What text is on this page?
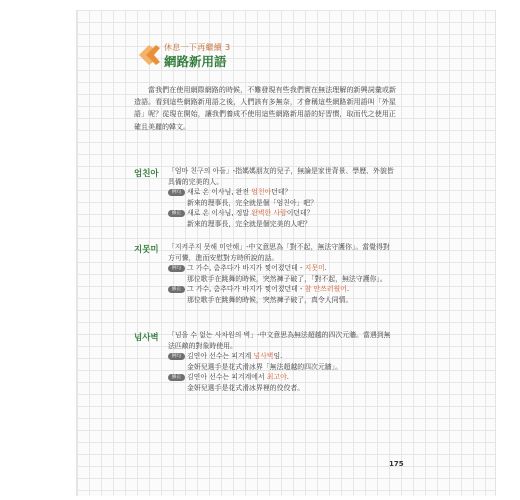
休息一下再繼續 3
網路新用語
當我們在使用網際網路的時候，不難發現有些我們實在無法理解的新興詞彙或新造語。看到這些網路新用語之後，人們該有多無奈，才會稱這些網路新用語叫「外星語」呢？從現在開始，讓我們養成不使用這些網路新用語的好習慣，取而代之使用正確且美麗的韓文。
엄친아	「엄마 친구의 아들」-指媽媽朋友的兒子，無論是家世背景、學歷、外貌皆具備的完美的人。

例句 새로 온 이사님, 완전 엄친아던데？
新來的理事長，完全就是個「엄친아」吧？
修正 새로 온 이사님, 정말 완벽한 사람이던데？
新來的理事長，完全就是個完美的人吧？
지못미	「지켜주지 못해 미안해」-中文意思為「對不起，無法守護你」。當覺得對方可憐，進而安慰對方時所說的話。

例句 그 가수, 춤추다가 바지가 찢어졌던데 - 지못미.
那位歌手在跳舞的時候，突然褲子破了，「對不起，無法守護你」。
修正 그 가수, 춤추다가 바지가 찢어졌던데 - 참 안쓰러웠어.
那位歌手在跳舞的時候，突然褲子破了，真令人同情。
넘사벽	「넘을 수 없는 사차원의 벽」-中文意思為無法超越的四次元牆。當遇到無法匹敵的對象時使用。

例句 김연아 선수는 피겨계 넘사벽임.
金妍兒選手是花式滑冰界「無法超越的四次元牆」。
修正 김연아 선수는 피겨계에서 최고야.
金妍兒選手是花式滑冰界裡的佼佼者。
175
